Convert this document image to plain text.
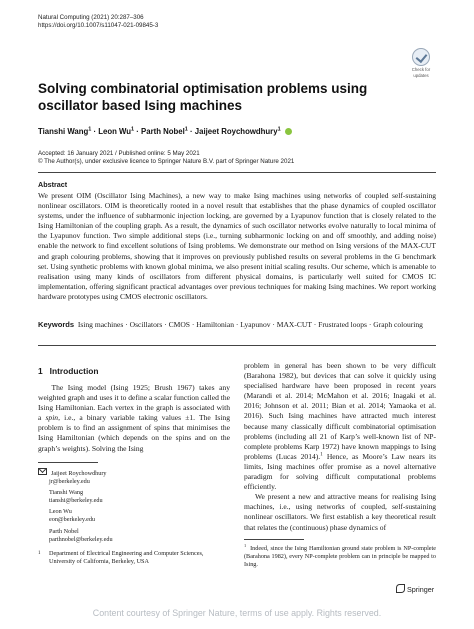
Natural Computing (2021) 20:287–306
https://doi.org/10.1007/s11047-021-09845-3
Check for
updates
Solving combinatorial optimisation problems using oscillator based Ising machines
Tianshi Wang$^1$ · Leon $Wu^1$ · Parth Nobel$^1$ · Jaijeet Roychowdhury$^1$
Accepted: 16 January 2021 / Published online: 5 May 2021
© The Author(s), under exclusive licence to Springer Nature B.V. part of Springer Nature 2021
Abstract
We present OIM (Oscillator Ising Machines), a new way to make Ising machines using networks of coupled self-sustaining nonlinear oscillators. OIM is theoretically rooted in a novel result that establishes that the phase dynamics of coupled oscillator systems, under the influence of subharmonic injection locking, are governed by a Lyapunov function that is closely related to the Ising Hamiltonian of the coupling graph. As a result, the dynamics of such oscillator networks evolve naturally to local minima of the Lyapunov function. Two simple additional steps (i.e., turning subharmonic locking on and off smoothly, and adding noise) enable the network to find excellent solutions of Ising problems. We demonstrate our method on Ising versions of the MAX-CUT and graph colouring problems, showing that it improves on previously published results on several problems in the G benchmark set. Using synthetic problems with known global minima, we also present initial scaling results. Our scheme, which is amenable to realisation using many kinds of oscillators from different physical domains, is particularly well suited for CMOS IC implementation, offering significant practical advantages over previous techniques for making Ising machines. We report working hardware prototypes using CMOS electronic oscillators.
Keywords Ising machines · Oscillators · CMOS · Hamiltonian · Lyapunov · MAX-CUT · Frustrated loops · Graph colouring
1 Introduction
The Ising model (Ising 1925; Brush 1967) takes any weighted graph and uses it to define a scalar function called the Ising Hamiltonian. Each vertex in the graph is associated with a spin, i.e., a binary variable taking values ±1. The Ising problem is to find an assignment of spins that minimises the Ising Hamiltonian (which depends on the spins and on the graph’s weights). Solving the Ising
problem in general has been shown to be very difficult (Barahona 1982), but devices that can solve it quickly using specialised hardware have been proposed in recent years (Marandi et al. 2014; McMahon et al. 2016; Inagaki et al. 2016; Johnson et al. 2011; Bian et al. 2014; Yamaoka et al. 2016). Such Ising machines have attracted much interest because many classically difficult combinatorial optimisation problems (including all 21 of Karp’s well-known list of NP-complete problems Karp 1972) have known mappings to Ising problems (Lucas 2014).$^1$ Hence, as Moore’s Law nears its limits, Ising machines offer promise as a novel alternative paradigm for solving difficult computational problems efficiently.
We present a new and attractive means for realising Ising machines, i.e., using networks of coupled, self-sustaining nonlinear oscillators. We first establish a key theoretical result that relates the (continuous) phase dynamics of
Jaijeet Roychowdhury
jr@berkeley.edu
Tianshi Wang
tianshi@berkeley.edu
Leon Wu
eon@berkeley.edu
Parth Nobel
parthnobel@berkeley.edu
1	Department of Electrical Engineering and Computer Sciences, University of California, Berkeley, USA
$^1$ Indeed, since the Ising Hamiltonian ground state problem is NP-complete (Barahona 1982), every NP-complete problem can in principle be mapped to Ising.
Springer
Content courtesy of Springer Nature, terms of use apply. Rights reserved.
